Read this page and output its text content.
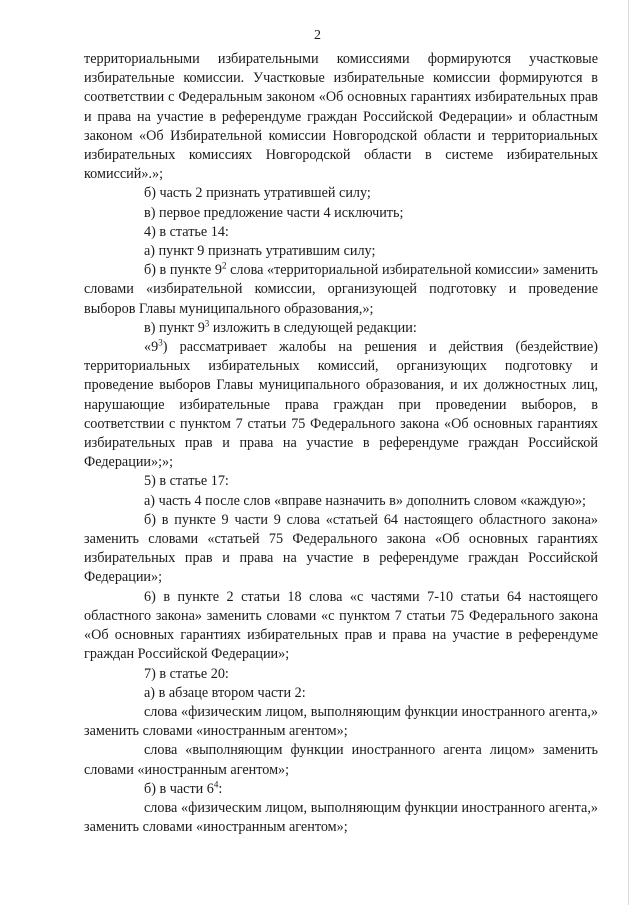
2

территориальными избирательными комиссиями формируются участковые избирательные комиссии. Участковые избирательные комиссии формируются в соответствии с Федеральным законом «Об основных гарантиях избирательных прав и права на участие в референдуме граждан Российской Федерации» и областным законом «Об Избирательной комиссии Новгородской области и территориальных избирательных комиссиях Новгородской области в системе избирательных комиссий».»;

б) часть 2 признать утратившей силу;

в) первое предложение части 4 исключить;

4) в статье 14:

а) пункт 9 признать утратившим силу;

б) в пункте $9^2$ слова «территориальной избирательной комиссии» заменить словами «избирательной комиссии, организующей подготовку и проведение выборов Главы муниципального образования,»;

в) пункт $9^3$ изложить в следующей редакции:

«$9^3$) рассматривает жалобы на решения и действия (бездействие) территориальных избирательных комиссий, организующих подготовку и проведение выборов Главы муниципального образования, и их должностных лиц, нарушающие избирательные права граждан при проведении выборов, в соответствии с пунктом 7 статьи 75 Федерального закона «Об основных гарантиях избирательных прав и права на участие в референдуме граждан Российской Федерации»;»;

5) в статье 17:

а) часть 4 после слов «вправе назначить в» дополнить словом «каждую»;

б) в пункте 9 части 9 слова «статьей 64 настоящего областного закона» заменить словами «статьей 75 Федерального закона «Об основных гарантиях избирательных прав и права на участие в референдуме граждан Российской Федерации»;

6) в пункте 2 статьи 18 слова «с частями 7-10 статьи 64 настоящего областного закона» заменить словами «с пунктом 7 статьи 75 Федерального закона «Об основных гарантиях избирательных прав и права на участие в референдуме граждан Российской Федерации»;

7) в статье 20:

а) в абзаце втором части 2:

слова «физическим лицом, выполняющим функции иностранного агента,» заменить словами «иностранным агентом»;

слова «выполняющим функции иностранного агента лицом» заменить словами «иностранным агентом»;

б) в части $6^4$:

слова «физическим лицом, выполняющим функции иностранного агента,» заменить словами «иностранным агентом»;
